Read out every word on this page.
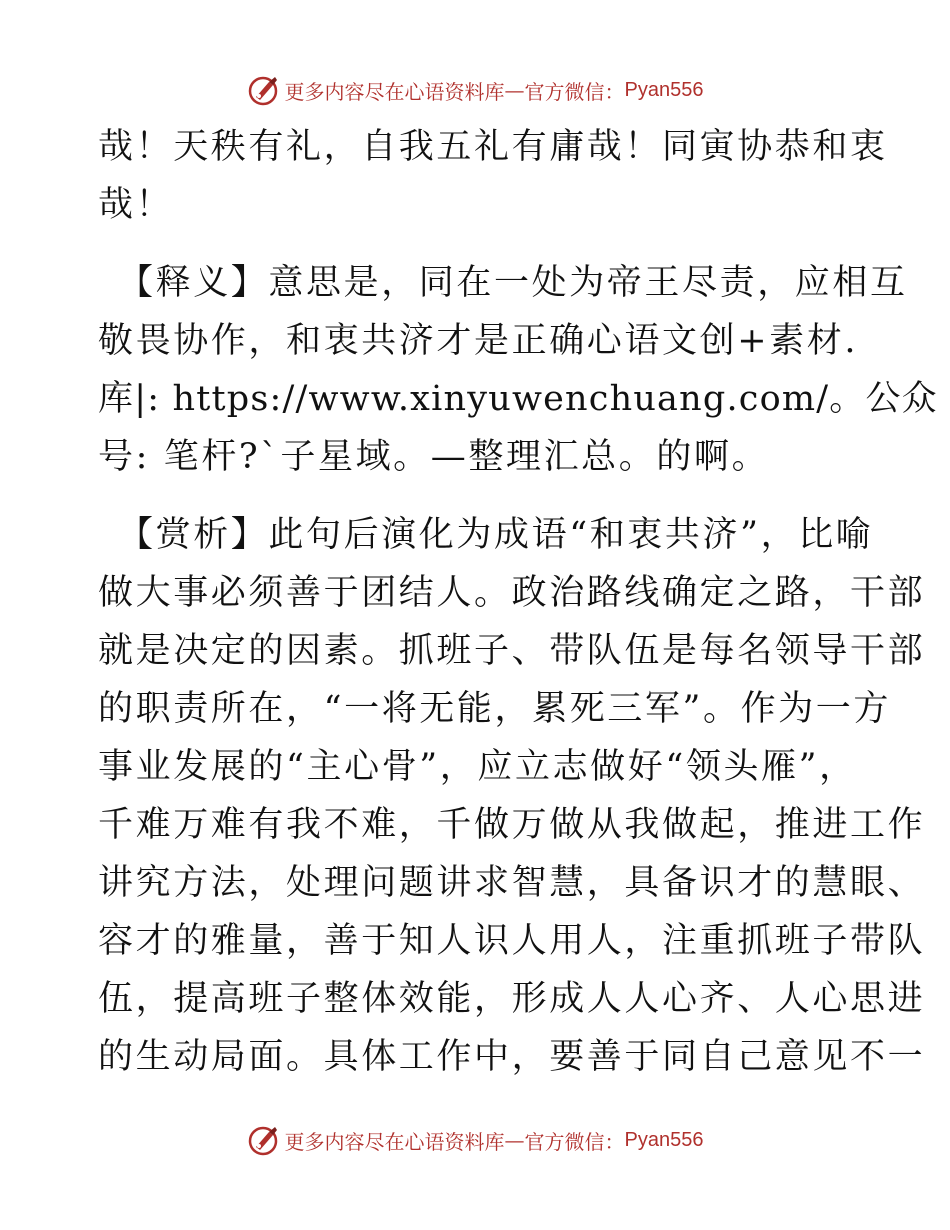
更多内容尽在心语资料库 — 官方微信： Pyan556
哉！天秩有礼，自我五礼有庸哉！同寅协恭和衷
哉！
【释义】意思是，同在一处为帝王尽责，应相互
敬畏协作，和衷共济才是正确心语文创+素材.
库|: https://www.xinyuwenchuang.com/。公众
号: 笔杆?`子星域。—整理汇总。的啊。
【赏析】此句后演化为成语“和衷共济”，比喻
做大事必须善于团结人。政治路线确定之路，干部
就是决定的因素。抓班子、带队伍是每名领导干部
的职责所在，“一将无能，累死三军”。作为一方
事业发展的“主心骨”，应立志做好“领头雁”，
千难万难有我不难，千做万做从我做起，推进工作
讲究方法，处理问题讲求智慧，具备识才的慧眼、
容才的雅量，善于知人识人用人，注重抓班子带队
伍，提高班子整体效能，形成人人心齐、人心思进
的生动局面。具体工作中，要善于同自己意见不一
更多内容尽在心语资料库 — 官方微信： Pyan556
